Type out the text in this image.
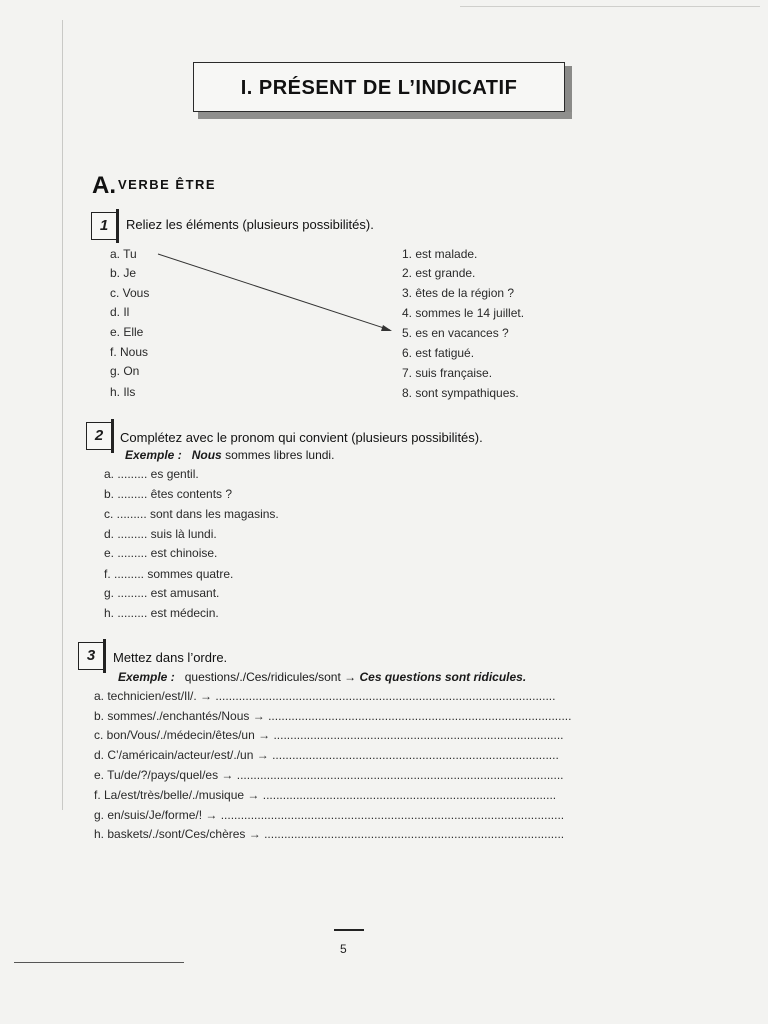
I. PRÉSENT DE L’INDICATIF
A. VERBE ÊTRE
1	Reliez les éléments (plusieurs possibilités).
a. Tu
b. Je
c. Vous
d. Il
e. Elle
f. Nous
g. On
h. Ils
1. est malade.
2. est grande.
3. êtes de la région ?
4. sommes le 14 juillet.
5. es en vacances ?
6. est fatigué.
7. suis française.
8. sont sympathiques.
2	Complétez avec le pronom qui convient (plusieurs possibilités).
Exemple : Nous sommes libres lundi.
a. ......... es gentil.
b. ......... êtes contents ?
c. ......... sont dans les magasins.
d. ......... suis là lundi.
e. ......... est chinoise.
f. ......... sommes quatre.
g. ......... est amusant.
h. ......... est médecin.
3	Mettez dans l’ordre.
Exemple : questions/./Ces/ridicules/sont → Ces questions sont ridicules.
a. technicien/est/Il/. → ......................................................................................................
b. sommes/./enchantés/Nous → ...........................................................................................
c. bon/Vous/./médecin/êtes/un → .......................................................................................
d. C’/américain/acteur/est/./un → ......................................................................................
e. Tu/de/?/pays/quel/es → ..................................................................................................
f. La/est/très/belle/./musique → ........................................................................................
g. en/suis/Je/forme/! → .......................................................................................................
h. baskets/./sont/Ces/chères → ..........................................................................................
5
